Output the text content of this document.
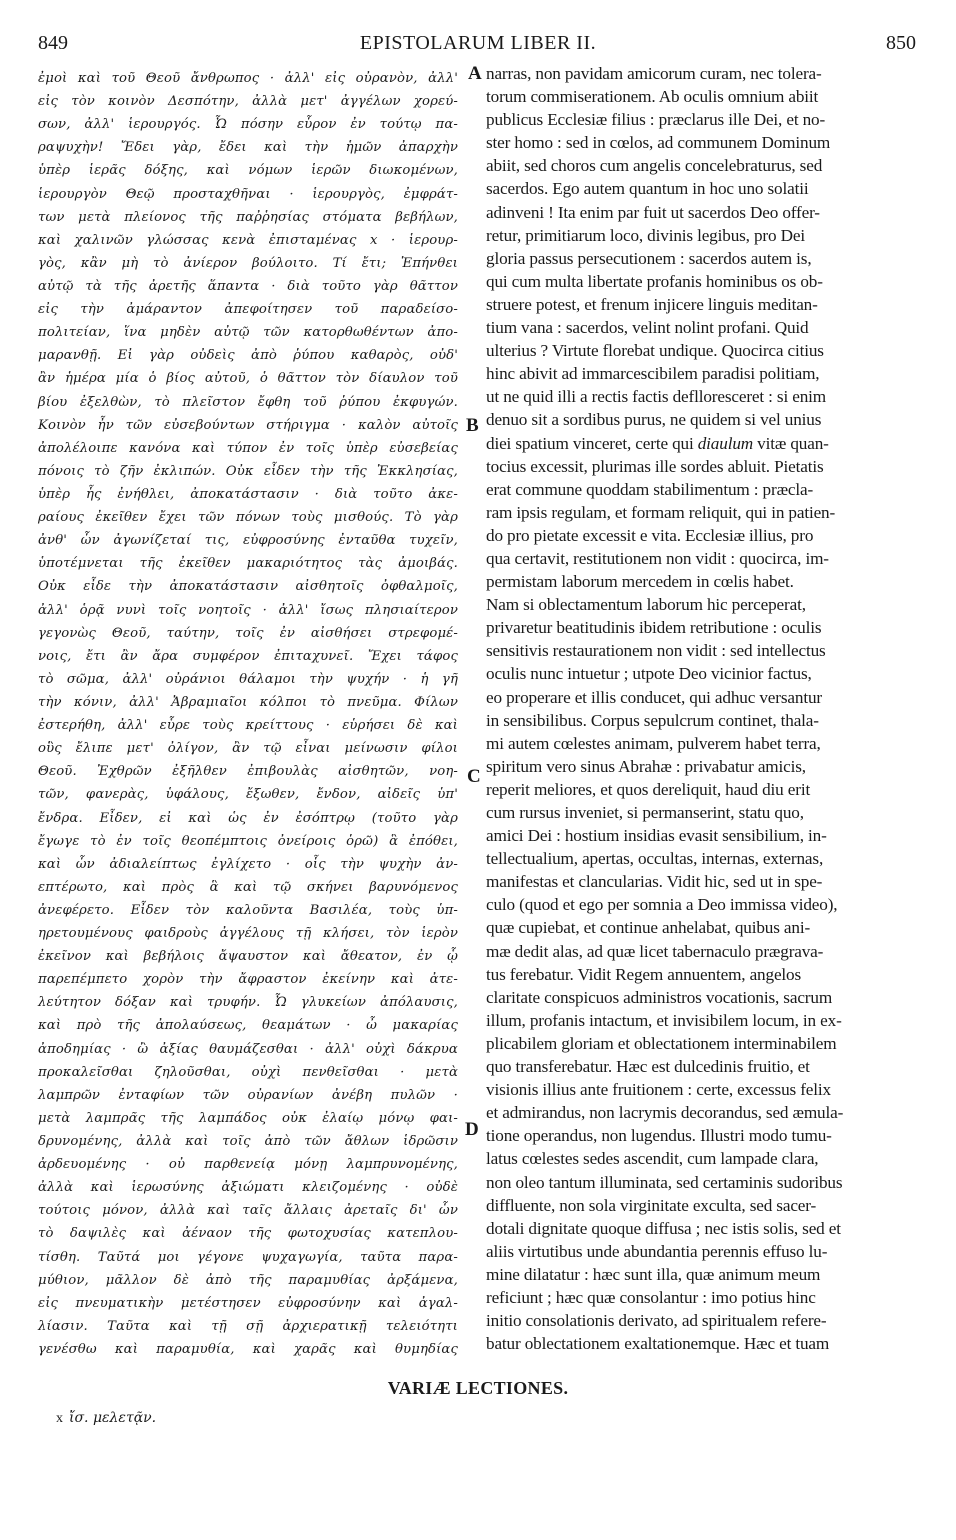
849	EPISTOLARUM LIBER II.	850
ἐμοὶ καὶ τοῦ Θεοῦ ἄνθρωπος · ἀλλ' εἰς οὐρανὸν, ἀλλ'
εἰς τὸν κοινὸν Δεσπότην, ἀλλὰ μετ' ἀγγέλων χορεύ-
σων, ἀλλ' ἱερουργός. Ὦ πόσην εὗρον ἐν τούτῳ πα-
ραψυχὴν! Ἔδει γὰρ, ἔδει καὶ τὴν ἡμῶν ἀπαρχὴν
ὑπὲρ ἱερᾶς δόξης, καὶ νόμων ἱερῶν διωκομένων,
ἱερουργὸν Θεῷ προσταχθῆναι · ἱερουργὸς, ἐμφράτ-
των μετὰ πλείονος τῆς παῤῥησίας στόματα βεβήλων,
καὶ χαλινῶν γλώσσας κενὰ ἐπισταμένας x · ἱερουρ-
γὸς, κἂν μὴ τὸ ἀνίερον βούλοιτο. Τί ἔτι; Ἐπήνθει
αὐτῷ τὰ τῆς ἀρετῆς ἅπαντα · διὰ τοῦτο γὰρ θᾶττον
εἰς τὴν ἀμάραντον ἀπεφοίτησεν τοῦ παραδείσο-
πολιτείαν, ἵνα μηδὲν αὐτῷ τῶν κατορθωθέντων ἀπο-
μαρανθῇ. Εἰ γὰρ οὐδεὶς ἀπὸ ῥύπου καθαρὸς, οὐδ'
ἂν ἡμέρα μία ὁ βίος αὐτοῦ, ὁ θᾶττον τὸν δίαυλον τοῦ
βίου ἐξελθὼν, τὸ πλεῖστον ἔφθη τοῦ ῥύπου ἐκφυγών.
Κοινὸν ἦν τῶν εὐσεβούντων στήριγμα · καλὸν αὐτοῖς
ἀπολέλοιπε κανόνα καὶ τύπον ἐν τοῖς ὑπὲρ εὐσεβείας
πόνοις τὸ ζῆν ἐκλιπών. Οὐκ εἶδεν τὴν τῆς Ἐκκλησίας,
ὑπὲρ ἧς ἐνήθλει, ἀποκατάστασιν · διὰ τοῦτο ἀκε-
ραίους ἐκεῖθεν ἔχει τῶν πόνων τοὺς μισθούς. Τὸ γὰρ
ἀνθ' ὧν ἀγωνίζεταί τις, εὐφροσύνης ἐνταῦθα τυχεῖν,
ὑποτέμνεται τῆς ἐκεῖθεν μακαριότητος τὰς ἀμοιβάς.
Οὐκ εἶδε τὴν ἀποκατάστασιν αἰσθητοῖς ὀφθαλμοῖς,
ἀλλ' ὁρᾷ νυνὶ τοῖς νοητοῖς · ἀλλ' ἴσως πλησιαίτερον
γεγονὼς Θεοῦ, ταύτην, τοῖς ἐν αἰσθήσει στρεφομέ-
νοις, ἔτι ἂν ἄρα συμφέρον ἐπιταχυνεῖ. Ἔχει τάφος
τὸ σῶμα, ἀλλ' οὐράνιοι θάλαμοι τὴν ψυχήν · ἡ γῆ
τὴν κόνιν, ἀλλ' Ἀβραμιαῖοι κόλποι τὸ πνεῦμα. Φίλων
ἐστερήθη, ἀλλ' εὗρε τοὺς κρείττους · εὑρήσει δὲ καὶ
οὓς ἔλιπε μετ' ὀλίγον, ἂν τῷ εἶναι μείνωσιν φίλοι
Θεοῦ. Ἐχθρῶν ἐξῆλθεν ἐπιβουλὰς αἰσθητῶν, νοη-
τῶν, φανερὰς, ὑφάλους, ἔξωθεν, ἔνδον, αἰδεῖς ὑπ'
ἔνδρα. Εἶδεν, εἰ καὶ ὡς ἐν ἐσόπτρῳ (τοῦτο γὰρ
ἔγωγε τὸ ἐν τοῖς θεοπέμπτοις ὀνείροις ὁρῶ) ἃ ἐπόθει,
καὶ ὧν ἀδιαλείπτως ἐγλίχετο · οἷς τὴν ψυχὴν ἀν-
επτέρωτο, καὶ πρὸς ἃ καὶ τῷ σκήνει βαρυνόμενος
ἀνεφέρετο. Εἶδεν τὸν καλοῦντα Βασιλέα, τοὺς ὑπ-
ηρετουμένους φαιδροὺς ἀγγέλους τῇ κλήσει, τὸν ἱερὸν
ἐκεῖνον καὶ βεβήλοις ἄψαυστον καὶ ἄθεατον, ἐν ᾧ
παρεπέμπετο χορὸν τὴν ἄφραστον ἐκείνην καὶ ἀτε-
λεύτητον δόξαν καὶ τρυφήν. Ὦ γλυκείων ἀπόλαυσις,
καὶ πρὸ τῆς ἀπολαύσεως, θεαμάτων · ὦ μακαρίας
ἀποδημίας · ὢ ἀξίας θαυμάζεσθαι · ἀλλ' οὐχὶ δάκρυα
προκαλεῖσθαι ζηλοῦσθαι, οὐχὶ πενθεῖσθαι · μετὰ
λαμπρῶν ἐνταφίων τῶν οὐρανίων ἀνέβη πυλῶν ·
μετὰ λαμπρᾶς τῆς λαμπάδος οὐκ ἐλαίῳ μόνῳ φαι-
δρυνομένης, ἀλλὰ καὶ τοῖς ἀπὸ τῶν ἄθλων ἱδρῶσιν
ἀρδευομένης · οὐ παρθενείᾳ μόνῃ λαμπρυνομένης,
ἀλλὰ καὶ ἱερωσύνης ἀξιώματι κλειζομένης · οὐδὲ
τούτοις μόνον, ἀλλὰ καὶ ταῖς ἄλλαις ἀρεταῖς δι' ὧν
τὸ δαψιλὲς καὶ ἀέναον τῆς φωτοχυσίας κατεπλου-
τίσθη. Ταῦτά μοι γέγονε ψυχαγωγία, ταῦτα παρα-
μύθιον, μᾶλλον δὲ ἀπὸ τῆς παραμυθίας ἀρξάμενα,
εἰς πνευματικὴν μετέστησεν εὐφροσύνην καὶ ἀγαλ-
λίασιν. Ταῦτα καὶ τῇ σῇ ἀρχιερατικῇ τελειότητι
γενέσθω καὶ παραμυθία, καὶ χαρᾶς καὶ θυμηδίας
A
B
C
D
narras, non pavidam amicorum curam, nec tolera-
torum commiserationem. Ab oculis omnium abiit
publicus Ecclesiæ filius : præclarus ille Dei, et no-
ster homo : sed in cœlos, ad communem Dominum
abiit, sed choros cum angelis concelebraturus, sed
sacerdos. Ego autem quantum in hoc uno solatii
adinveni ! Ita enim par fuit ut sacerdos Deo offer-
retur, primitiarum loco, divinis legibus, pro Dei
gloria passus persecutionem : sacerdos autem is,
qui cum multa libertate profanis hominibus os ob-
struere potest, et frenum injicere linguis meditan-
tium vana : sacerdos, velint nolint profani. Quid
ulterius ? Virtute florebat undique. Quocirca citius
hinc abivit ad immarcescibilem paradisi politiam,
ut ne quid illi a rectis factis deflloresceret : si enim
denuo sit a sordibus purus, ne quidem si vel unius
diei spatium vinceret, certe qui diaulum vitæ quan-
tocius excessit, plurimas ille sordes abluit. Pietatis
erat commune quoddam stabilimentum : præcla-
ram ipsis regulam, et formam reliquit, qui in patien-
do pro pietate excessit e vita. Ecclesiæ illius, pro
qua certavit, restitutionem non vidit : quocirca, im-
permistam laborum mercedem in cœlis habet.
Nam si oblectamentum laborum hic perceperat,
privaretur beatitudinis ibidem retributione : oculis
sensitivis restaurationem non vidit : sed intellectus
oculis nunc intuetur ; utpote Deo vicinior factus,
eo properare et illis conducet, qui adhuc versantur
in sensibilibus. Corpus sepulcrum continet, thala-
mi autem cœlestes animam, pulverem habet terra,
spiritum vero sinus Abrahæ : privabatur amicis,
reperit meliores, et quos dereliquit, haud diu erit
cum rursus inveniet, si permanserint, statu quo,
amici Dei : hostium insidias evasit sensibilium, in-
tellectualium, apertas, occultas, internas, externas,
manifestas et clancularias. Vidit hic, sed ut in spe-
culo (quod et ego per somnia a Deo immissa video),
quæ cupiebat, et continue anhelabat, quibus ani-
mæ dedit alas, ad quæ licet tabernaculo prægrava-
tus ferebatur. Vidit Regem annuentem, angelos
claritate conspicuos administros vocationis, sacrum
illum, profanis intactum, et invisibilem locum, in ex-
plicabilem gloriam et oblectationem interminabilem
quo transferebatur. Hæc est dulcedinis fruitio, et
visionis illius ante fruitionem : certe, excessus felix
et admirandus, non lacrymis decorandus, sed æmula-
tione operandus, non lugendus. Illustri modo tumu-
latus cœlestes sedes ascendit, cum lampade clara,
non oleo tantum illuminata, sed certaminis sudoribus
diffluente, non sola virginitate exculta, sed sacer-
dotali dignitate quoque diffusa ; nec istis solis, sed et
aliis virtutibus unde abundantia perennis effuso lu-
mine dilatatur : hæc sunt illa, quæ animum meum
reficiunt ; hæc quæ consolantur : imo potius hinc
initio consolationis derivato, ad spiritualem refere-
batur oblectationem exaltationemque. Hæc et tuam
VARIÆ LECTIONES.
x ἴσ. μελετᾷν.
